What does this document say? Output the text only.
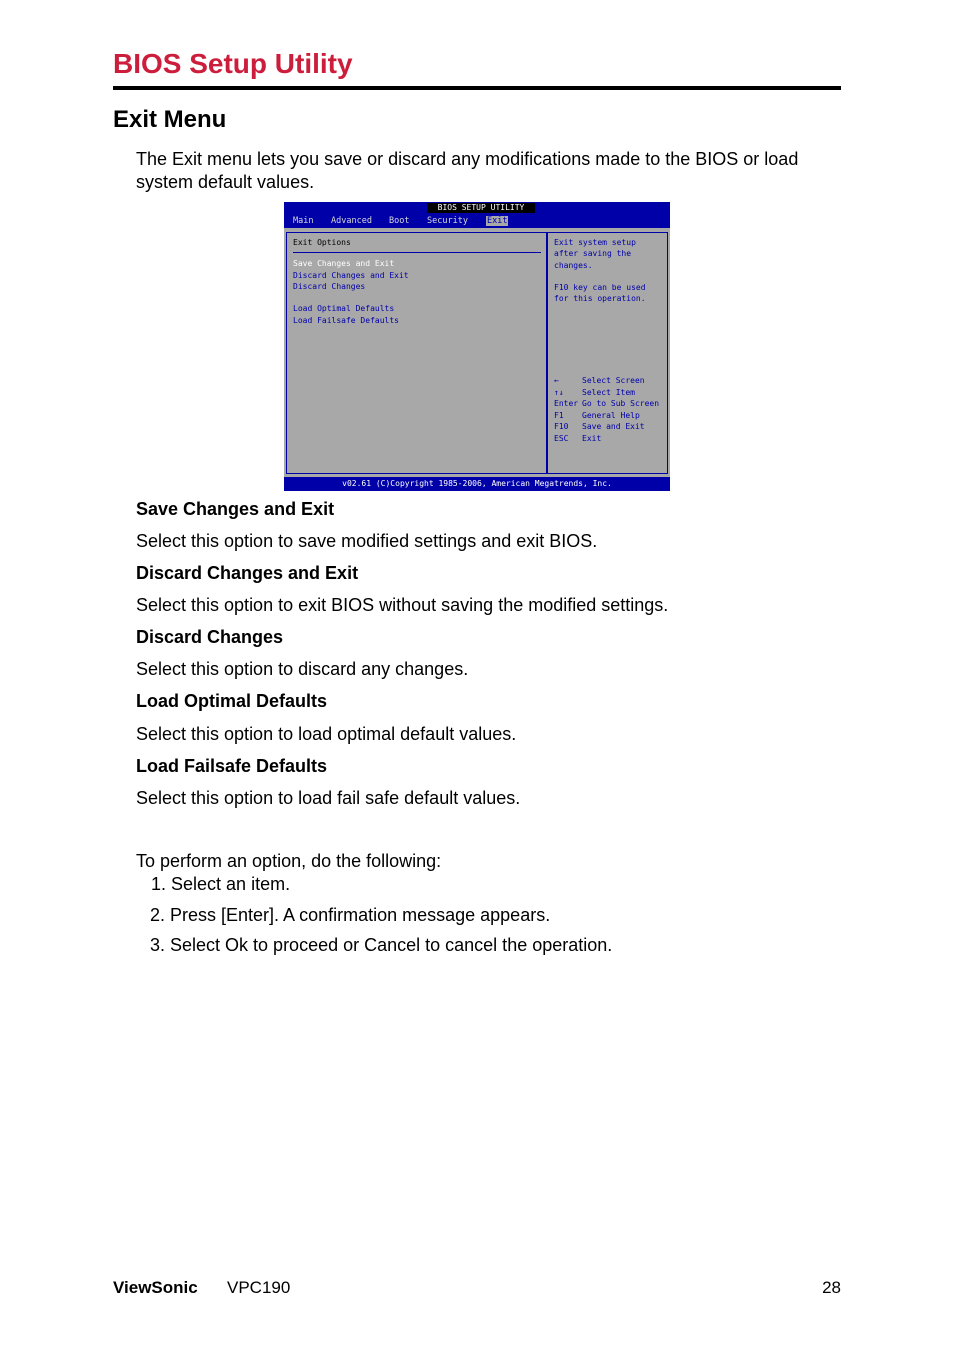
BIOS Setup Utility
Exit Menu
The Exit menu lets you save or discard any modifications made to the BIOS or load system default values.
BIOS SETUP UTILITY
Main Advanced Boot Security Exit
Exit Options
Save Changes and Exit
Discard Changes and Exit
Discard Changes
Load Optimal Defaults
Load Failsafe Defaults
Exit system setup
after saving the
changes.
F10 key can be used
for this operation.
←	Select Screen
↑↓ Select Item
Enter Go to Sub Screen
F1 General Help
F10 Save and Exit
ESC Exit
v02.61 (C)Copyright 1985-2006, American Megatrends, Inc.
Save Changes and Exit
Select this option to save modified settings and exit BIOS.
Discard Changes and Exit
Select this option to exit BIOS without saving the modified settings.
Discard Changes
Select this option to discard any changes.
Load Optimal Defaults
Select this option to load optimal default values.
Load Failsafe Defaults
Select this option to load fail safe default values.
To perform an option, do the following:
1. Select an item.
2. Press [Enter]. A confirmation message appears.
3. Select Ok to proceed or Cancel to cancel the operation.
ViewSonic VPC190	28
